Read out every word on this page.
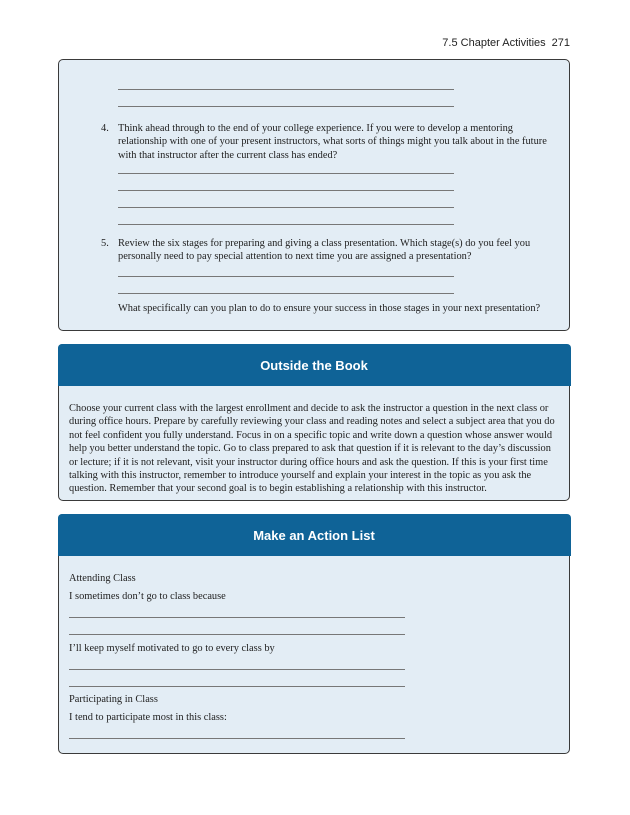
7.5 Chapter Activities 271
4. Think ahead through to the end of your college experience. If you were to develop a mentoring relationship with one of your present instructors, what sorts of things might you talk about in the future with that instructor after the current class has ended?
5. Review the six stages for preparing and giving a class presentation. Which stage(s) do you feel you personally need to pay special attention to next time you are assigned a presentation?
What specifically can you plan to do to ensure your success in those stages in your next presentation?
Outside the Book
Choose your current class with the largest enrollment and decide to ask the instructor a question in the next class or during office hours. Prepare by carefully reviewing your class and reading notes and select a subject area that you do not feel confident you fully understand. Focus in on a specific topic and write down a question whose answer would help you better understand the topic. Go to class prepared to ask that question if it is relevant to the day’s discussion or lecture; if it is not relevant, visit your instructor during office hours and ask the question. If this is your first time talking with this instructor, remember to introduce yourself and explain your interest in the topic as you ask the question. Remember that your second goal is to begin establishing a relationship with this instructor.
Make an Action List
Attending Class
I sometimes don’t go to class because
I’ll keep myself motivated to go to every class by
Participating in Class
I tend to participate most in this class:
